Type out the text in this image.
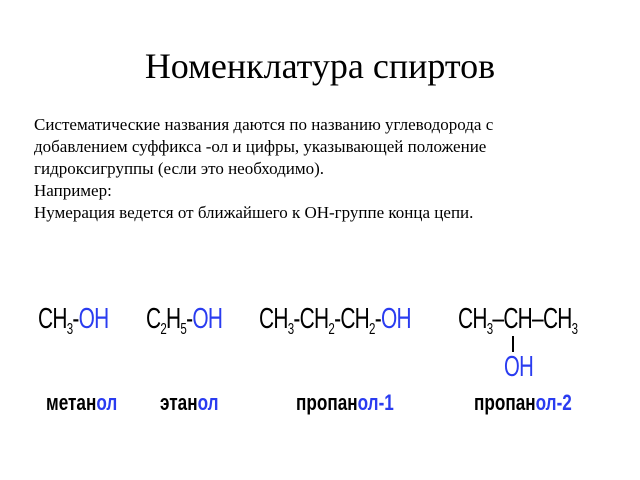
Номенклатура спиртов

Систематические названия даются по названию углеводорода с

добавлением суффикса -ол и цифры, указывающей положение

гидроксигруппы (если это необходимо).

Например:

Нумерация ведется от ближайшего к ОН-группе конца цепи.

$CH_3-OH$ $C_2H_5-OH$ $CH_3-CH_2-CH_2-OH$ $CH_3-CH-CH_3$
OH
метанол этанол	пропанол-1	пропанол-2
